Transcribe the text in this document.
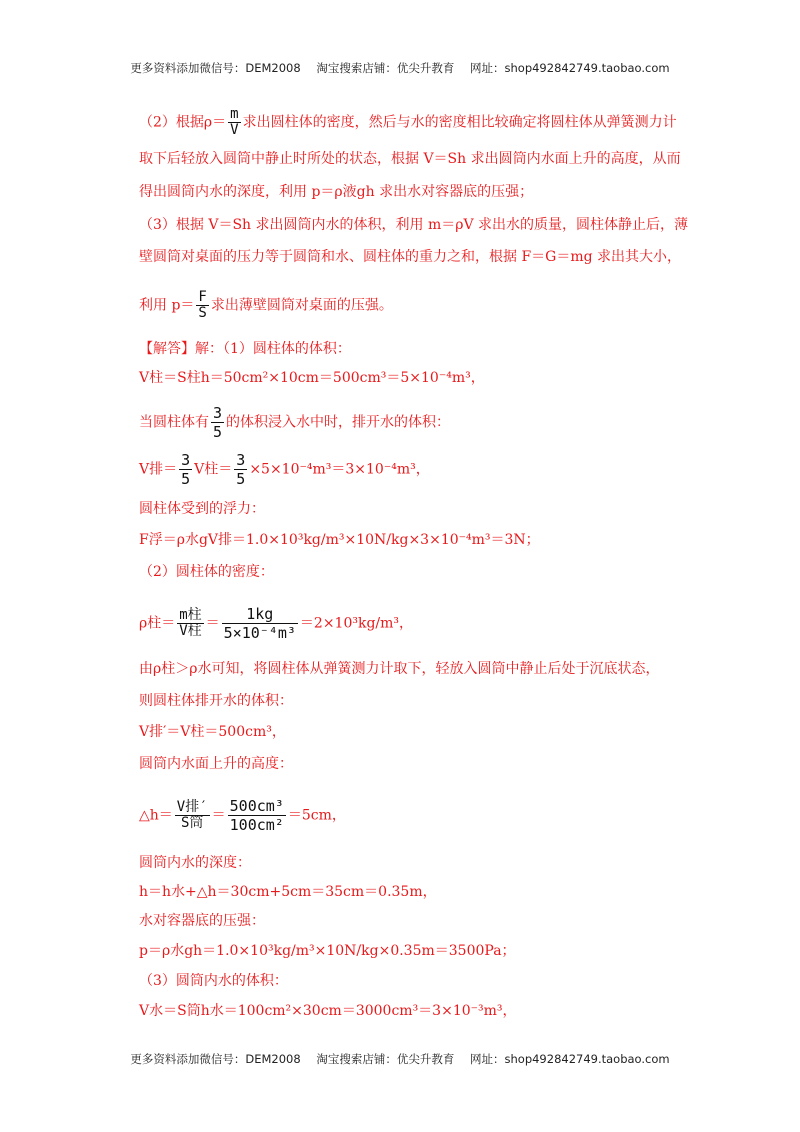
更多资料添加微信号：DEM2008 淘宝搜索店铺：优尖升教育 网址：shop492842749.taobao.com
（2）根据$\rho= \frac{m}{V}$ 求出圆柱体的密度，然后与水的密度相比较确定将圆柱体从弹簧测力计
取下后轻放入圆筒中静止时所处的状态，根据 V＝Sh 求出圆筒内水面上升的高度，从而
得出圆筒内水的深度，利用 p＝ρ液gh 求出水对容器底的压强；
（3）根据 V＝Sh 求出圆筒内水的体积，利用 m＝ρV 求出水的质量，圆柱体静止后，薄
壁圆筒对桌面的压力等于圆筒和水、圆柱体的重力之和，根据 F＝G＝mg 求出其大小，
利用 $p= \frac{F}{S}$ 求出薄壁圆筒对桌面的压强。
【解答】解：（1）圆柱体的体积：
V柱＝S柱h＝50cm²×10cm＝500cm³＝5×10⁻⁴m³，
当圆柱体有 $\frac{3}{5}$ 的体积浸入水中时，排开水的体积：
V排＝ $\frac{3}{5}$ V柱＝ $\frac{3}{5} \times 5\times 10^{-4}m^3=3\times 10^{-4}m^3$，
圆柱体受到的浮力：
F浮＝ρ水gV排＝1.0×10³kg/m³×10N/kg×3×10⁻⁴m³＝3N；
（2）圆柱体的密度：
ρ柱＝ $\frac{\text{m柱}}{\text{V柱}} = \frac{1kg}{\text{5×10⁻⁴m³}} =2\times 10^3kg/m^3$，
由ρ柱＞ρ水可知，将圆柱体从弹簧测力计取下，轻放入圆筒中静止后处于沉底状态，
则圆柱体排开水的体积：
V排′＝V柱＝500cm³，
圆筒内水面上升的高度：
△h＝ $\frac{\text{V排′}}{\text{S筒}} = \frac{\text{500cm³}}{\text{100cm²}} =5cm$，
圆筒内水的深度：
h＝h水+△h＝30cm+5cm＝35cm＝0.35m，
水对容器底的压强：
p＝ρ水gh＝1.0×10³kg/m³×10N/kg×0.35m＝3500Pa；
（3）圆筒内水的体积：
V水＝S筒h水＝100cm²×30cm＝3000cm³＝3×10⁻³m³，
更多资料添加微信号：DEM2008 淘宝搜索店铺：优尖升教育 网址：shop492842749.taobao.com
